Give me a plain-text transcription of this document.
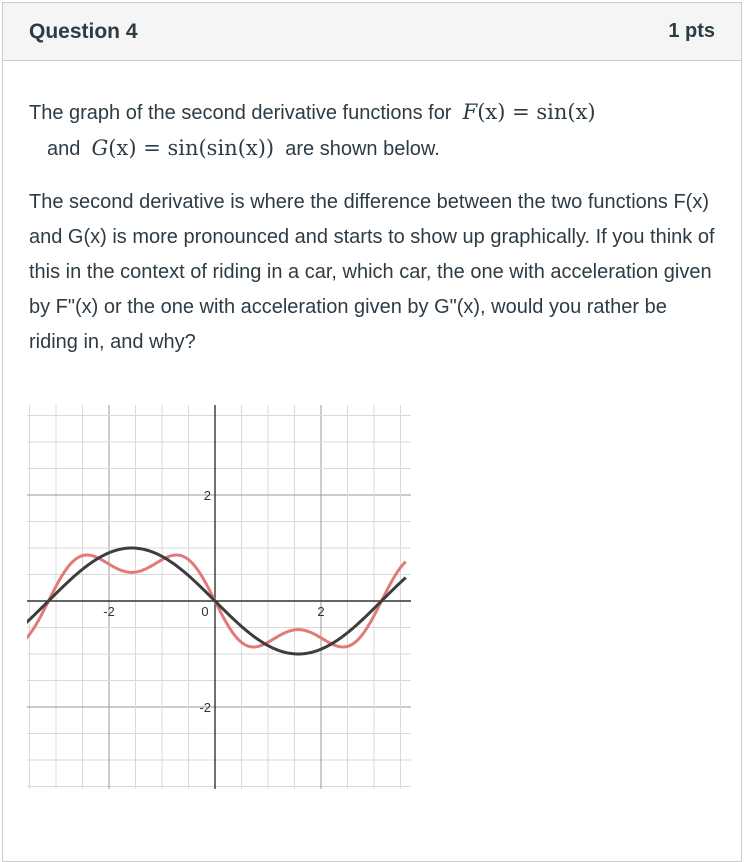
Question 4	1 pts
The graph of the second derivative functions for F(x) = sin(x)
and G(x) = sin(sin(x)) are shown below.
The second derivative is where the difference between the two functions F(x) and G(x) is more pronounced and starts to show up graphically. If you think of this in the context of riding in a car, which car, the one with acceleration given by F"(x) or the one with acceleration given by G"(x), would you rather be riding in, and why?
-2	0	2
2
-2
